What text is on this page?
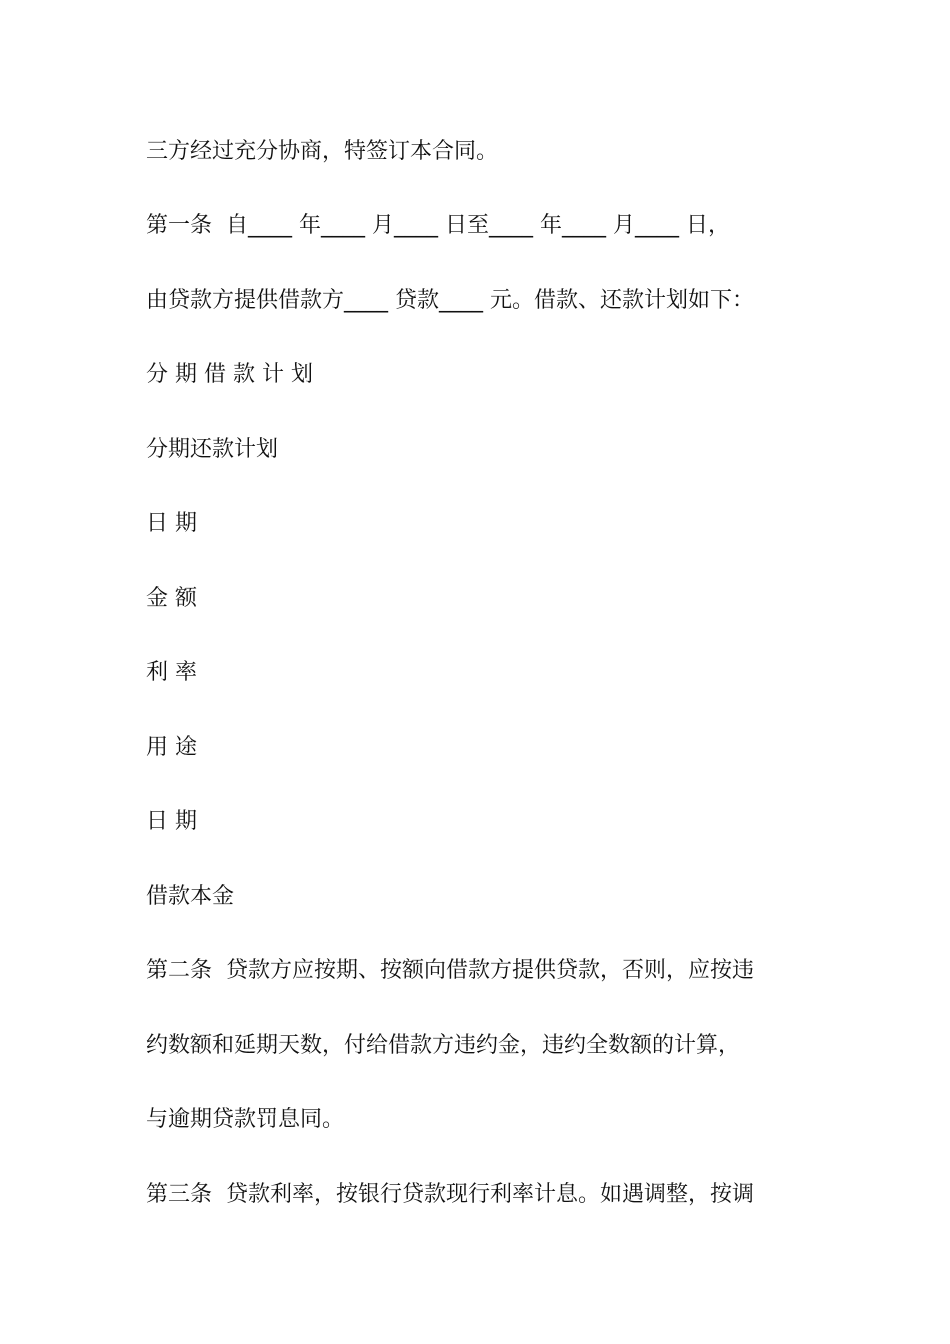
三方经过充分协商，特签订本合同。
第一条  自____ 年____ 月____ 日至____ 年____ 月____ 日，
由贷款方提供借款方____ 贷款____ 元。借款、还款计划如下：
分 期 借 款 计 划
分期还款计划
日 期
金 额
利 率
用 途
日 期
借款本金
第二条  贷款方应按期、按额向借款方提供贷款，否则，应按违
约数额和延期天数，付给借款方违约金，违约全数额的计算，
与逾期贷款罚息同。
第三条  贷款利率，按银行贷款现行利率计息。如遇调整，按调
